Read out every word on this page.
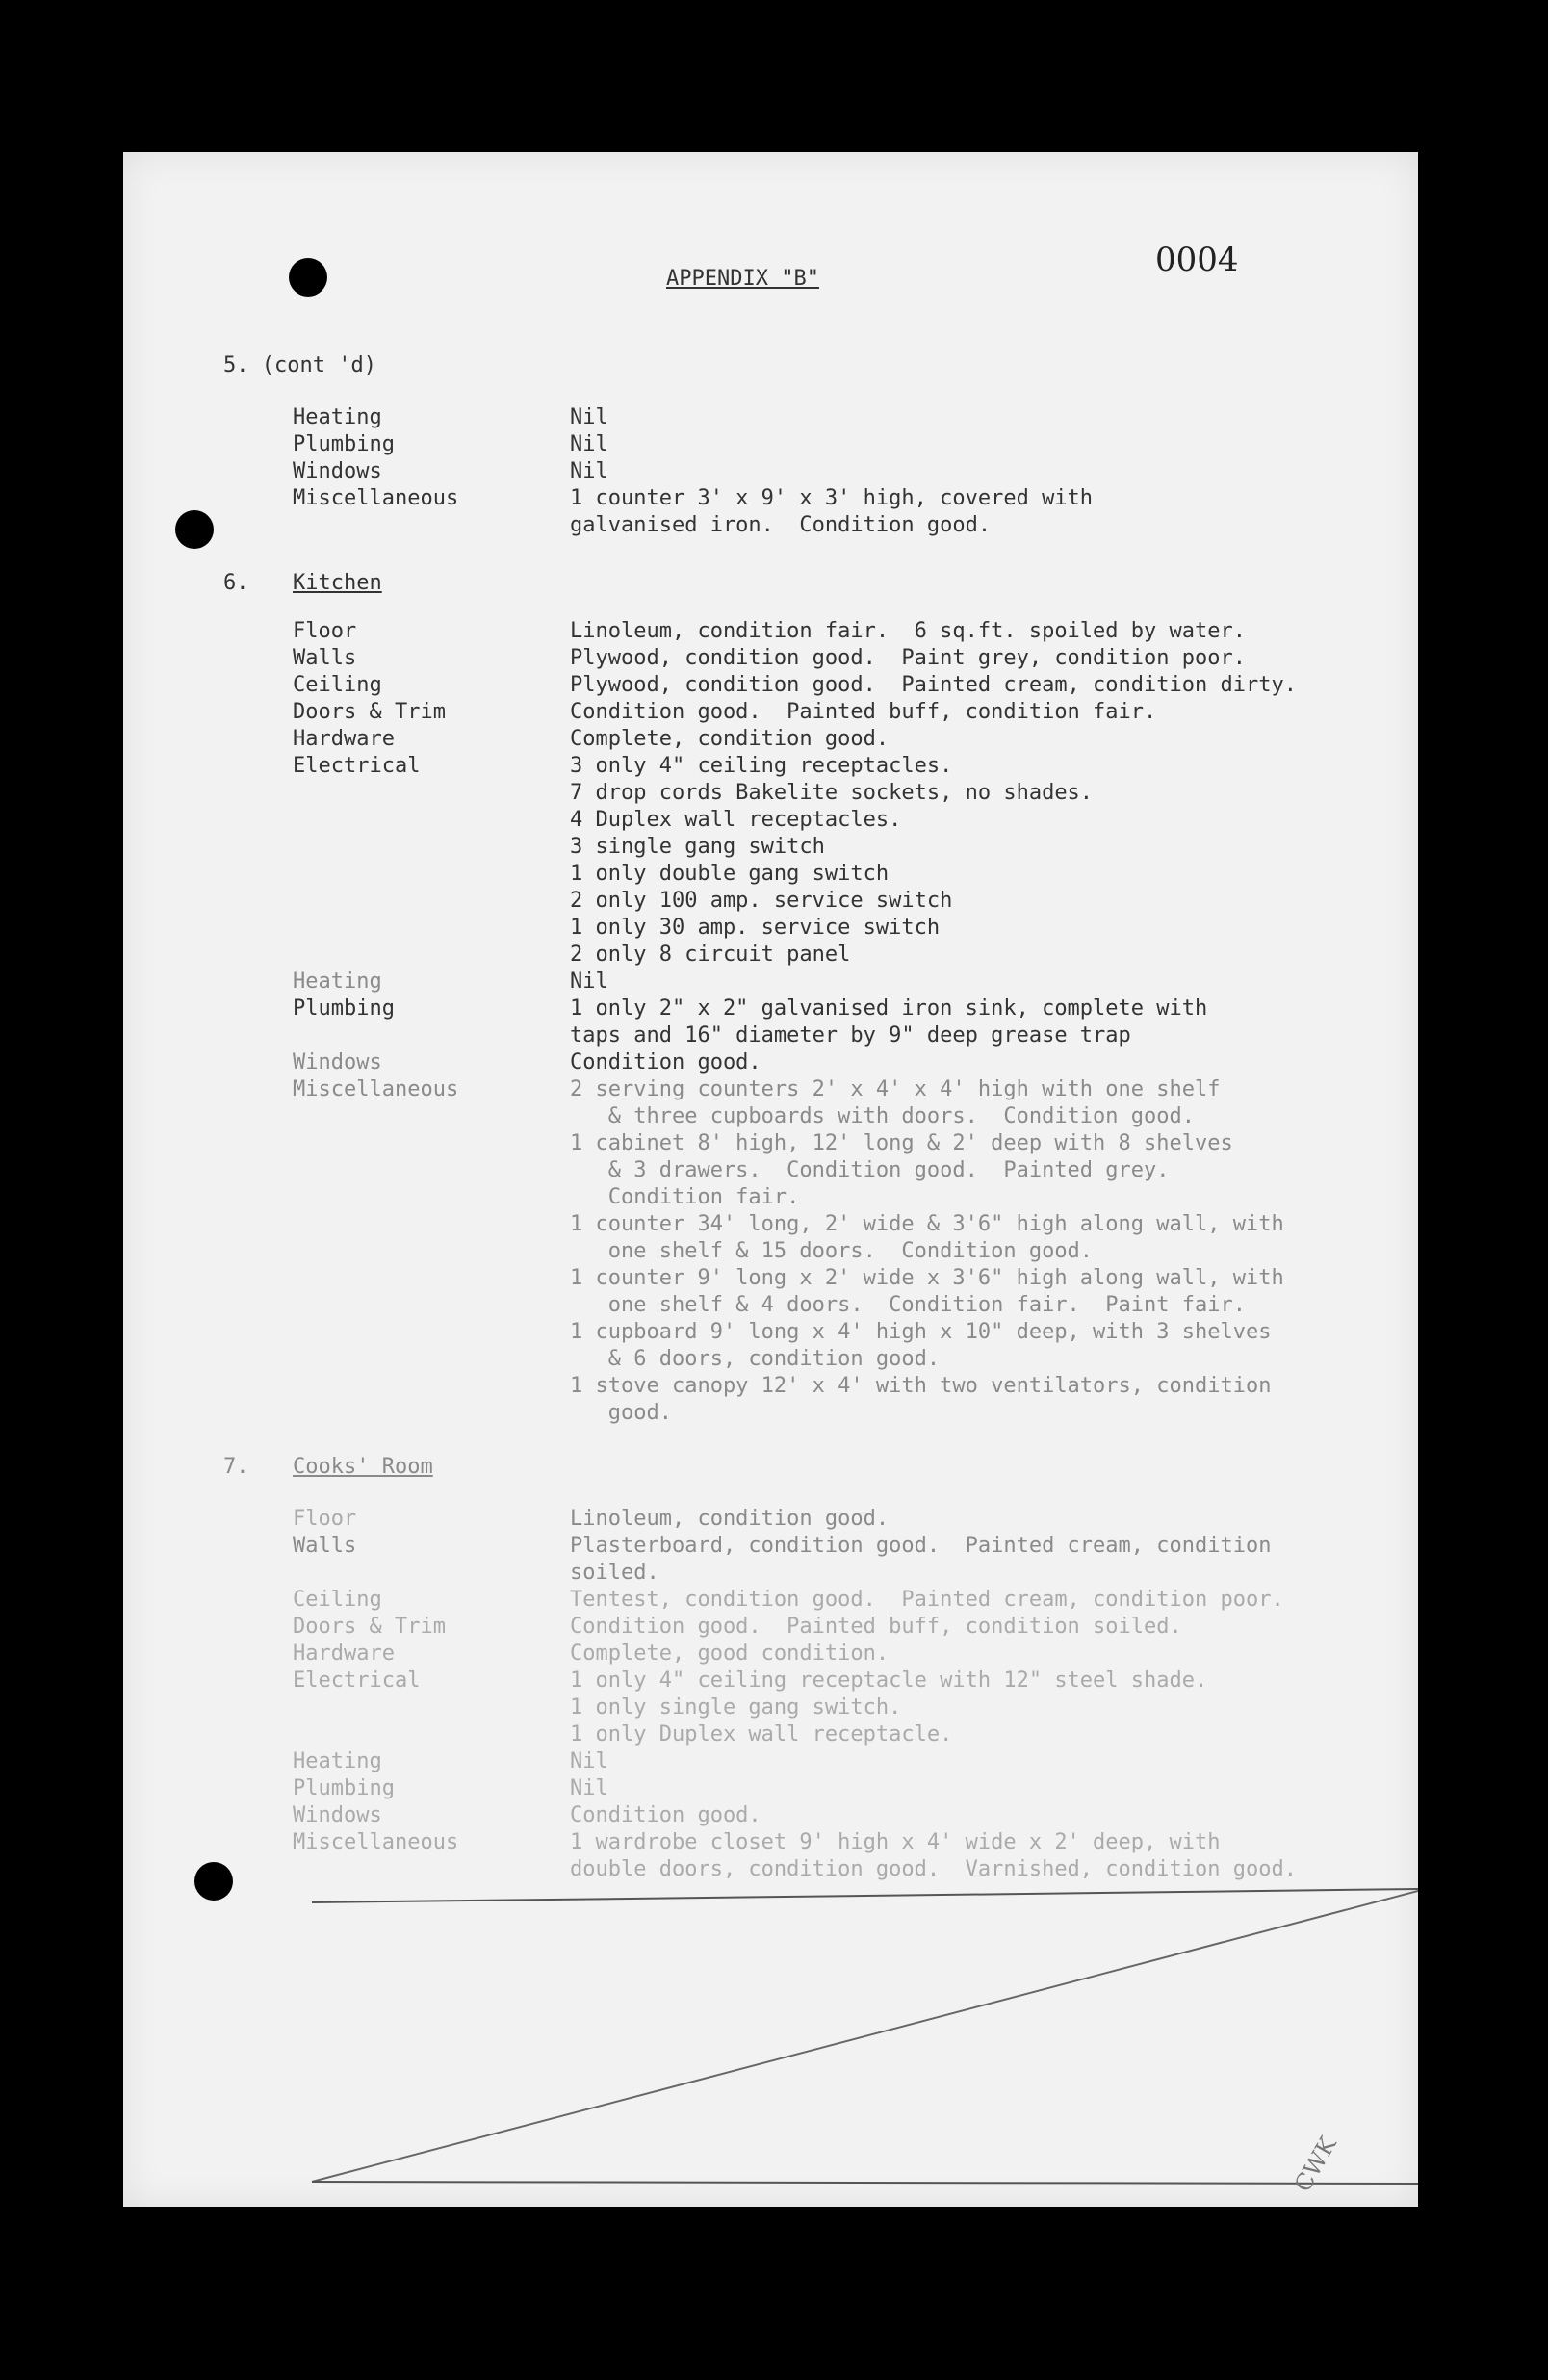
APPENDIX "B"	0004
5. (cont 'd)
Heating	Nil
Plumbing	Nil
Windows	Nil
Miscellaneous	1 counter 3' x 9' x 3' high, covered with
galvanised iron.  Condition good.
6. Kitchen
Floor	Linoleum, condition fair.  6 sq.ft. spoiled by water.
Walls	Plywood, condition good.  Paint grey, condition poor.
Ceiling	Plywood, condition good.  Painted cream, condition dirty.
Doors & Trim	Condition good.  Painted buff, condition fair.
Hardware	Complete, condition good.
Electrical	3 only 4" ceiling receptacles.
7 drop cords Bakelite sockets, no shades.
4 Duplex wall receptacles.
3 single gang switch
1 only double gang switch
2 only 100 amp. service switch
1 only 30 amp. service switch
2 only 8 circuit panel
Heating	Nil
Plumbing	1 only 2" x 2" galvanised iron sink, complete with
taps and 16" diameter by 9" deep grease trap
Windows	Condition good.
Miscellaneous	2 serving counters 2' x 4' x 4' high with one shelf
& three cupboards with doors.  Condition good.
1 cabinet 8' high, 12' long & 2' deep with 8 shelves
& 3 drawers.  Condition good.  Painted grey.
Condition fair.
1 counter 34' long, 2' wide & 3'6" high along wall, with
one shelf & 15 doors.  Condition good.
1 counter 9' long x 2' wide x 3'6" high along wall, with
one shelf & 4 doors.  Condition fair.  Paint fair.
1 cupboard 9' long x 4' high x 10" deep, with 3 shelves
& 6 doors, condition good.
1 stove canopy 12' x 4' with two ventilators, condition
good.
7. Cooks' Room
Floor	Linoleum, condition good.
Walls	Plasterboard, condition good.  Painted cream, condition
soiled.
Ceiling	Tentest, condition good.  Painted cream, condition poor.
Doors & Trim	Condition good.  Painted buff, condition soiled.
Hardware	Complete, good condition.
Electrical	1 only 4" ceiling receptacle with 12" steel shade.
1 only single gang switch.
1 only Duplex wall receptacle.
Heating	Nil
Plumbing	Nil
Windows	Condition good.
Miscellaneous	1 wardrobe closet 9' high x 4' wide x 2' deep, with
double doors, condition good.  Varnished, condition good.
CWK
